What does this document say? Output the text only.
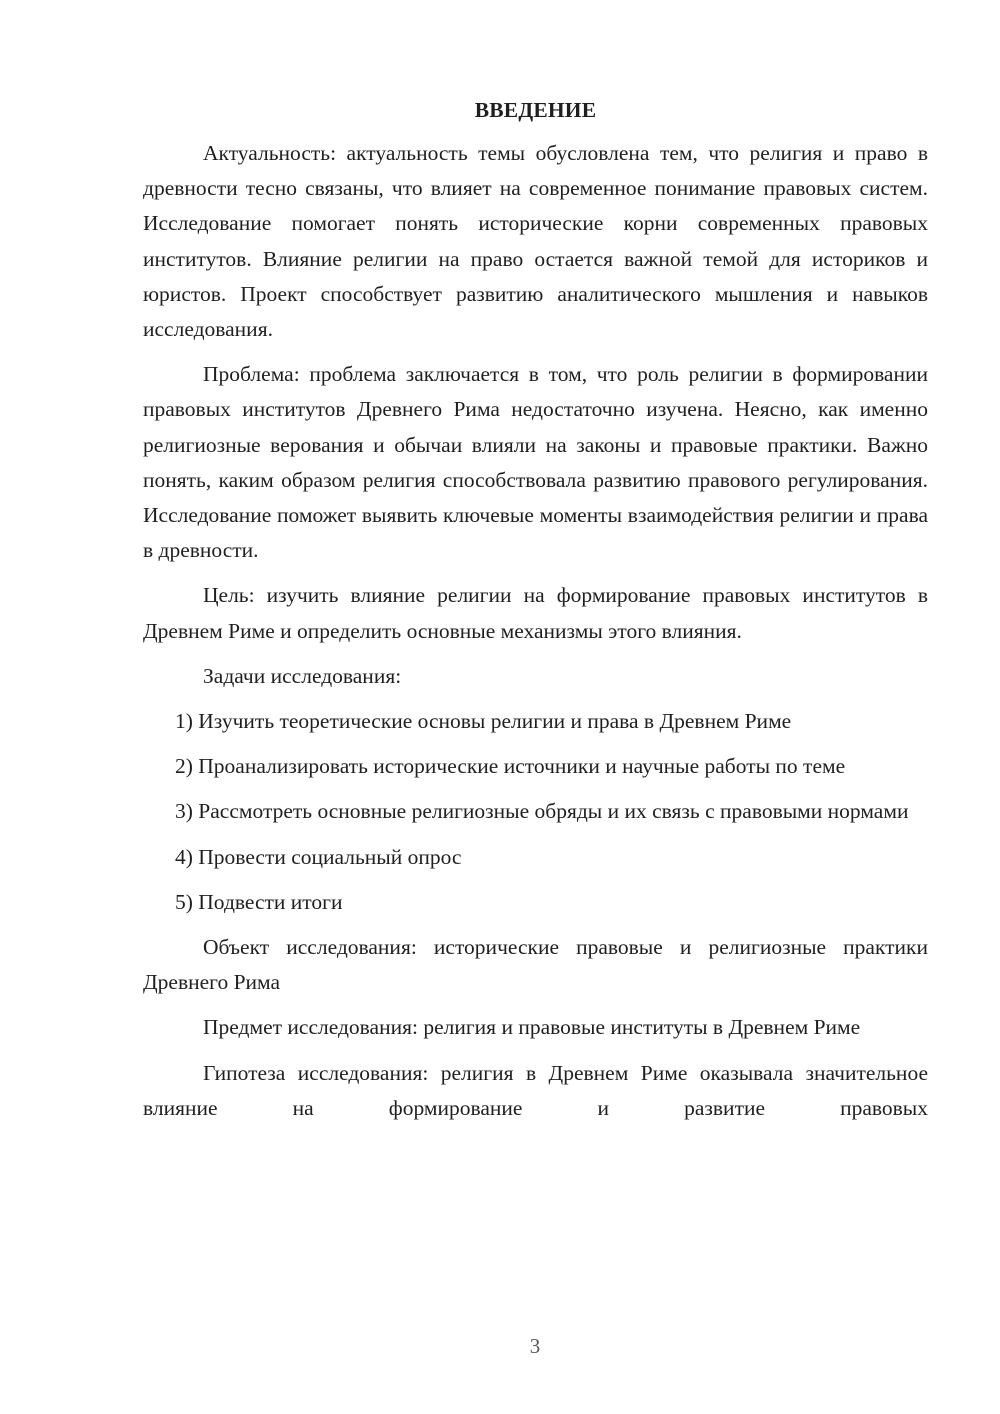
ВВЕДЕНИЕ

Актуальность: актуальность темы обусловлена тем, что религия и право в древности тесно связаны, что влияет на современное понимание правовых систем. Исследование помогает понять исторические корни современных правовых институтов. Влияние религии на право остается важной темой для историков и юристов. Проект способствует развитию аналитического мышления и навыков исследования.

Проблема: проблема заключается в том, что роль религии в формировании правовых институтов Древнего Рима недостаточно изучена. Неясно, как именно религиозные верования и обычаи влияли на законы и правовые практики. Важно понять, каким образом религия способствовала развитию правового регулирования. Исследование поможет выявить ключевые моменты взаимодействия религии и права в древности.

Цель: изучить влияние религии на формирование правовых институтов в Древнем Риме и определить основные механизмы этого влияния.

Задачи исследования:

1) Изучить теоретические основы религии и права в Древнем Риме

2) Проанализировать исторические источники и научные работы по теме

3) Рассмотреть основные религиозные обряды и их связь с правовыми нормами

4) Провести социальный опрос

5) Подвести итоги

Объект исследования: исторические правовые и религиозные практики Древнего Рима

Предмет исследования: религия и правовые институты в Древнем Риме

Гипотеза исследования: религия в Древнем Риме оказывала значительное влияние на формирование и развитие правовых

3
